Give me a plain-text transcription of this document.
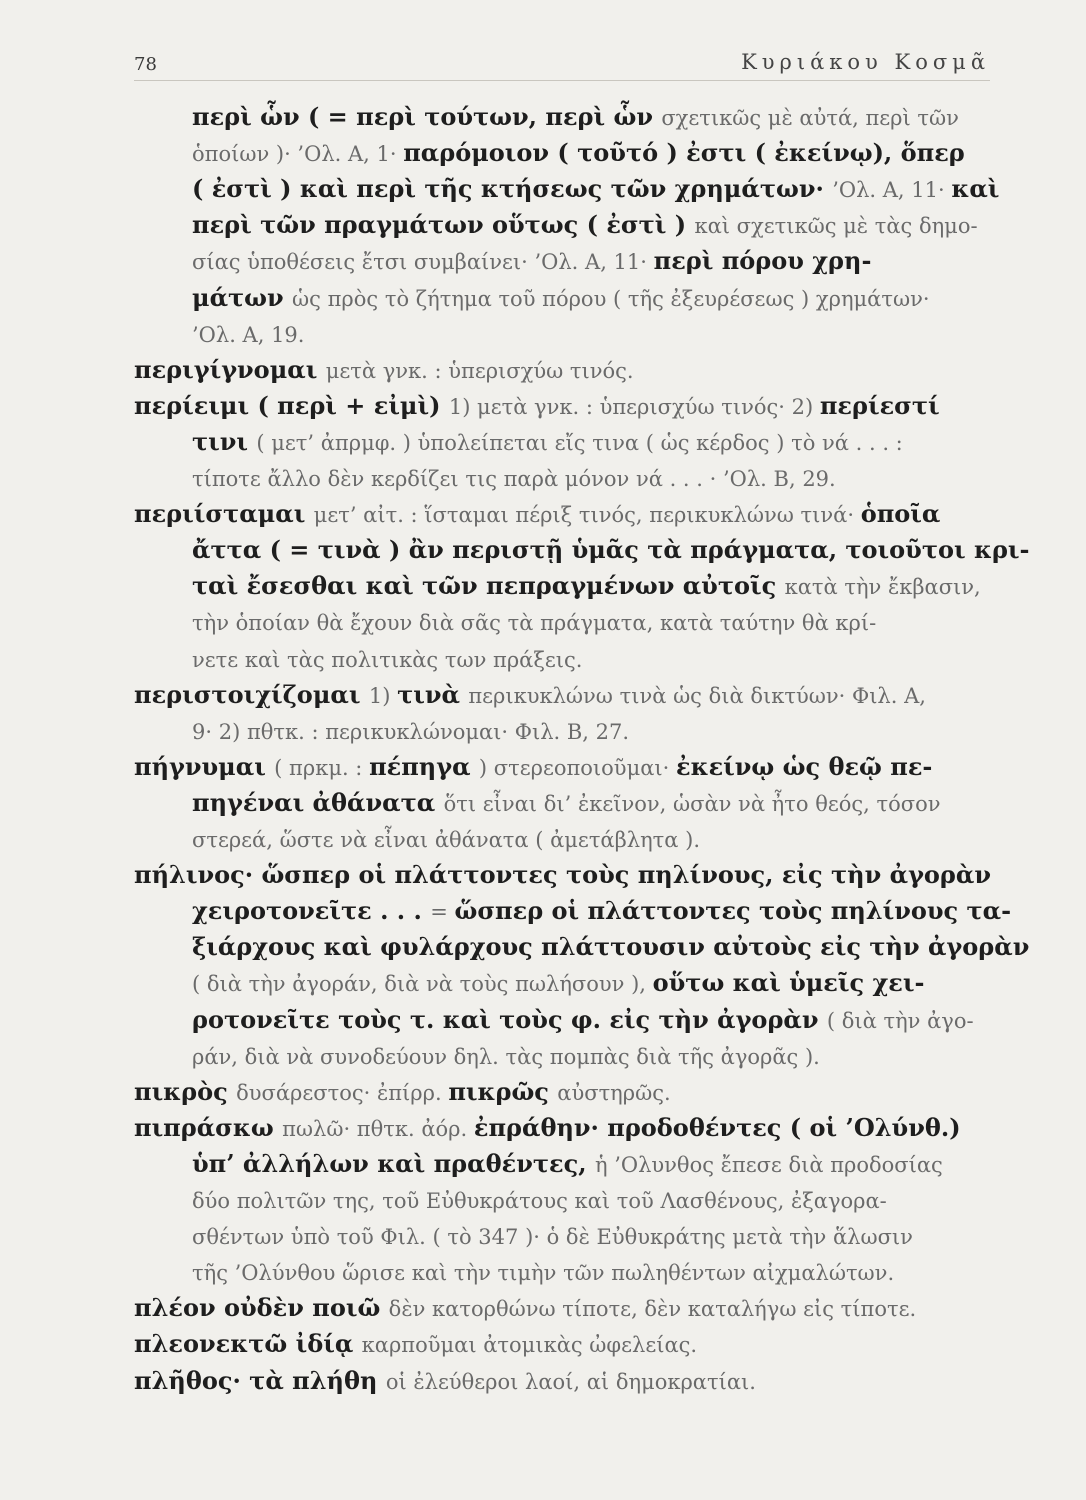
78	Κυριάκου Κοσμᾶ
περὶ ὧν ( = περὶ τούτων, περὶ ὧν σχετικῶς μὲ αὐτά, περὶ τῶν
ὁποίων )· ’Ολ. Α, 1· παρόμοιον ( τοῦτό ) ἐστι ( ἐκείνῳ), ὅπερ
( ἐστὶ ) καὶ περὶ τῆς κτήσεως τῶν χρημάτων· ’Ολ. Α, 11· καὶ
περὶ τῶν πραγμάτων οὕτως ( ἐστὶ ) καὶ σχετικῶς μὲ τὰς δημο-
σίας ὑποθέσεις ἔτσι συμβαίνει· ’Ολ. Α, 11· περὶ πόρου χρη-
μάτων ὡς πρὸς τὸ ζήτημα τοῦ πόρου ( τῆς ἐξευρέσεως ) χρημάτων·
’Ολ. Α, 19.
περιγίγνομαι μετὰ γνκ. : ὑπερισχύω τινός.
περίειμι ( περὶ + εἰμὶ) 1) μετὰ γνκ. : ὑπερισχύω τινός· 2) περίεστί
τινι ( μετ’ ἀπρμφ. ) ὑπολείπεται εἴς τινα ( ὡς κέρδος ) τὸ νά . . . :
τίποτε ἄλλο δὲν κερδίζει τις παρὰ μόνον νά . . . · ’Ολ. Β, 29.
περιίσταμαι μετ’ αἰτ. : ἵσταμαι πέριξ τινός, περικυκλώνω τινά· ὁποῖα
ἄττα ( = τινὰ ) ἂν περιστῇ ὑμᾶς τὰ πράγματα, τοιοῦτοι κρι-
ταὶ ἔσεσθαι καὶ τῶν πεπραγμένων αὐτοῖς κατὰ τὴν ἔκβασιν,
τὴν ὁποίαν θὰ ἔχουν διὰ σᾶς τὰ πράγματα, κατὰ ταύτην θὰ κρί-
νετε καὶ τὰς πολιτικὰς των πράξεις.
περιστοιχίζομαι 1) τινὰ περικυκλώνω τινὰ ὡς διὰ δικτύων· Φιλ. Α,
9· 2) πθτκ. : περικυκλώνομαι· Φιλ. Β, 27.
πήγνυμαι ( πρκμ. : πέπηγα ) στερεοποιοῦμαι· ἐκείνῳ ὡς θεῷ πε-
πηγέναι ἀθάνατα ὅτι εἶναι δι’ ἐκεῖνον, ὡσὰν νὰ ἦτο θεός, τόσον
στερεά, ὥστε νὰ εἶναι ἀθάνατα ( ἀμετάβλητα ).
πήλινος· ὥσπερ οἱ πλάττοντες τοὺς πηλίνους, εἰς τὴν ἀγορὰν
χειροτονεῖτε . . . = ὥσπερ οἱ πλάττοντες τοὺς πηλίνους τα-
ξιάρχους καὶ φυλάρχους πλάττουσιν αὐτοὺς εἰς τὴν ἀγορὰν
( διὰ τὴν ἀγοράν, διὰ νὰ τοὺς πωλήσουν ), οὕτω καὶ ὑμεῖς χει-
ροτονεῖτε τοὺς τ. καὶ τοὺς φ. εἰς τὴν ἀγορὰν ( διὰ τὴν ἀγο-
ράν, διὰ νὰ συνοδεύουν δηλ. τὰς πομπὰς διὰ τῆς ἀγορᾶς ).
πικρὸς δυσάρεστος· ἐπίρρ. πικρῶς αὐστηρῶς.
πιπράσκω πωλῶ· πθτκ. ἀόρ. ἐπράθην· προδοθέντες ( οἱ ’Ολύνθ.)
ὑπ’ ἀλλήλων καὶ πραθέντες, ἡ ’Ολυνθος ἔπεσε διὰ προδοσίας
δύο πολιτῶν της, τοῦ Εὐθυκράτους καὶ τοῦ Λασθένους, ἐξαγορα-
σθέντων ὑπὸ τοῦ Φιλ. ( τὸ 347 )· ὁ δὲ Εὐθυκράτης μετὰ τὴν ἅλωσιν
τῆς ’Ολύνθου ὥρισε καὶ τὴν τιμὴν τῶν πωληθέντων αἰχμαλώτων.
πλέον οὐδὲν ποιῶ δὲν κατορθώνω τίποτε, δὲν καταλήγω εἰς τίποτε.
πλεονεκτῶ ἰδίᾳ καρποῦμαι ἀτομικὰς ὠφελείας.
πλῆθος· τὰ πλήθη οἱ ἐλεύθεροι λαοί, αἱ δημοκρατίαι.
